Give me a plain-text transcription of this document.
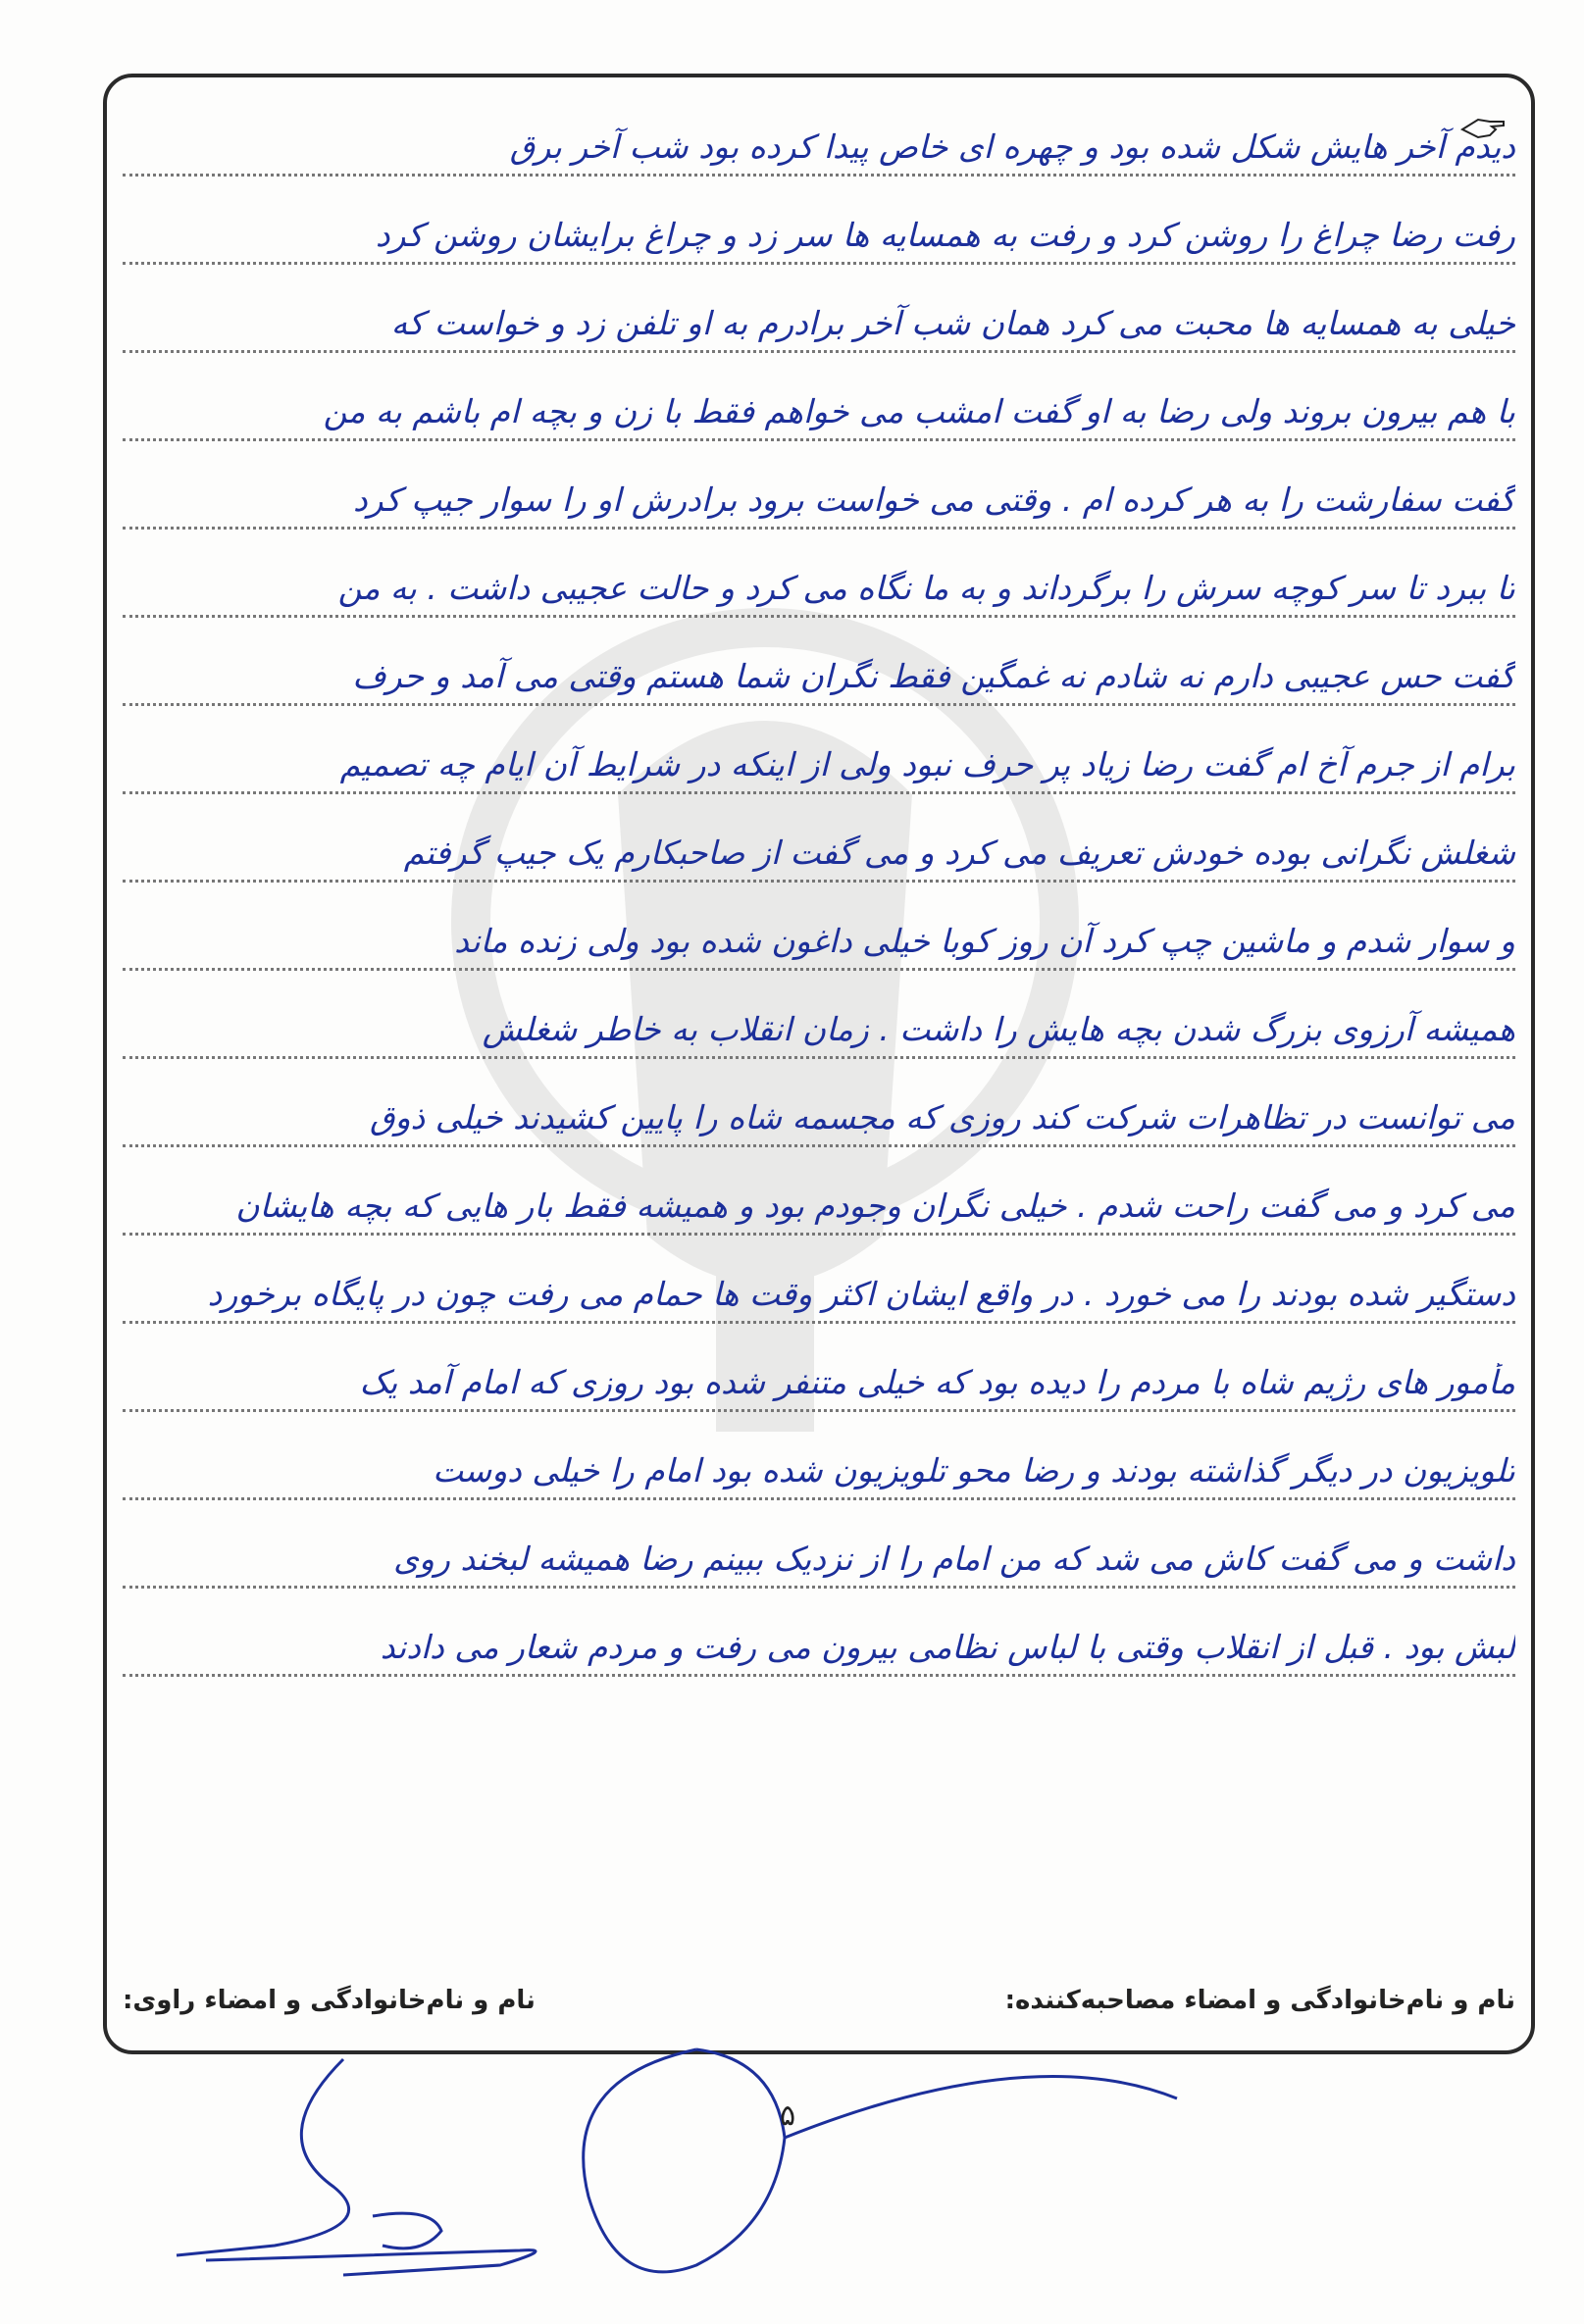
دیدم آخر هایش شکل شده بود و چهره ای خاص پیدا کرده بود شب آخر برق
رفت رضا چراغ را روشن کرد و رفت به همسایه ها سر زد و چراغ برایشان روشن کرد
خیلی به همسایه ها محبت می کرد همان شب آخر برادرم به او تلفن زد و خواست که
با هم بیرون بروند ولی رضا به او گفت امشب می خواهم فقط با زن و بچه ام باشم به من
گفت سفارشت را به هر کرده ام . وقتی می خواست برود برادرش او را سوار جیپ کرد
تا ببرد تا سر کوچه سرش را برگرداند و به ما نگاه می کرد و حالت عجیبی داشت . به من
گفت حس عجیبی دارم نه شادم نه غمگین فقط نگران شما هستم وقتی می آمد و حرف
برام از جرم آخ ام گفت رضا زیاد پر حرف نبود ولی از اینکه در شرایط آن ایام چه تصمیم
شغلش نگرانی بوده خودش تعریف می کرد و می گفت از صاحبکارم یک جیپ گرفتم
و سوار شدم و ماشین چپ کرد آن روز کوبا خیلی داغون شده بود ولی زنده ماند
همیشه آرزوی بزرگ شدن بچه هایش را داشت . زمان انقلاب به خاطر شغلش
می توانست در تظاهرات شرکت کند روزی که مجسمه شاه را پایین کشیدند خیلی ذوق
می کرد و می گفت راحت شدم . خیلی نگران وجودم بود و همیشه فقط بار هایی که بچه هایشان
دستگیر شده بودند را می خورد . در واقع ایشان اکثر وقت ها حمام می رفت چون در پایگاه برخورد
مأمور های رژیم شاه با مردم را دیده بود که خیلی متنفر شده بود روزی که امام آمد یک
تلویزیون در دیگر گذاشته بودند و رضا محو تلویزیون شده بود امام را خیلی دوست
داشت و می گفت کاش می شد که من امام را از نزدیک ببینم رضا همیشه لبخند روی
لبش بود . قبل از انقلاب وقتی با لباس نظامی بیرون می رفت و مردم شعار می دادند
نام و نام‌خانوادگی و امضاء مصاحبه‌کننده:
نام و نام‌خانوادگی و امضاء راوی:
۵
